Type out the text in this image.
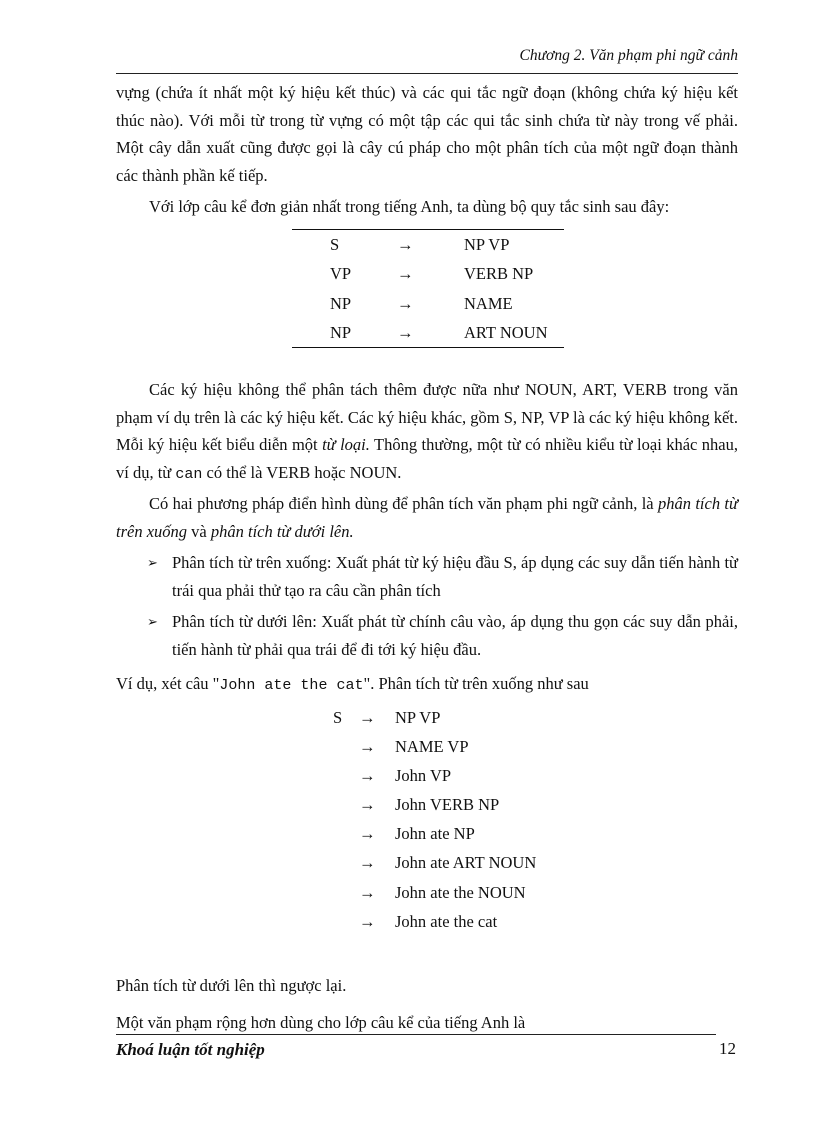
Chương 2. Văn phạm phi ngữ cảnh

vựng (chứa ít nhất một ký hiệu kết thúc) và các qui tắc ngữ đoạn (không chứa ký hiệu kết thúc nào). Với mỗi từ trong từ vựng có một tập các qui tắc sinh chứa từ này trong vế phải. Một cây dẫn xuất cũng được gọi là cây cú pháp cho một phân tích của một ngữ đoạn thành các thành phần kế tiếp.

Với lớp câu kể đơn giản nhất trong tiếng Anh, ta dùng bộ quy tắc sinh sau đây:

S	→	NP VP
VP	→	VERB NP
NP	→	NAME
NP	→	ART NOUN

Các ký hiệu không thể phân tách thêm được nữa như NOUN, ART, VERB trong văn phạm ví dụ trên là các ký hiệu kết. Các ký hiệu khác, gồm S, NP, VP là các ký hiệu không kết. Mỗi ký hiệu kết biểu diễn một từ loại. Thông thường, một từ có nhiều kiểu từ loại khác nhau, ví dụ, từ can có thể là VERB hoặc NOUN.

Có hai phương pháp điển hình dùng để phân tích văn phạm phi ngữ cảnh, là phân tích từ trên xuống và phân tích từ dưới lên.

➢ Phân tích từ trên xuống: Xuất phát từ ký hiệu đầu S, áp dụng các suy dẫn tiến hành từ trái qua phải thử tạo ra câu cần phân tích
➢ Phân tích từ dưới lên: Xuất phát từ chính câu vào, áp dụng thu gọn các suy dẫn phải, tiến hành từ phải qua trái để đi tới ký hiệu đầu.

Ví dụ, xét câu "John ate the cat". Phân tích từ trên xuống như sau

S → NP VP
→ NAME VP
→ John VP
→ John VERB NP
→ John ate NP
→ John ate ART NOUN
→ John ate the NOUN
→ John ate the cat

Phân tích từ dưới lên thì ngược lại.

Một văn phạm rộng hơn dùng cho lớp câu kể của tiếng Anh là

Khoá luận tốt nghiệp	12
